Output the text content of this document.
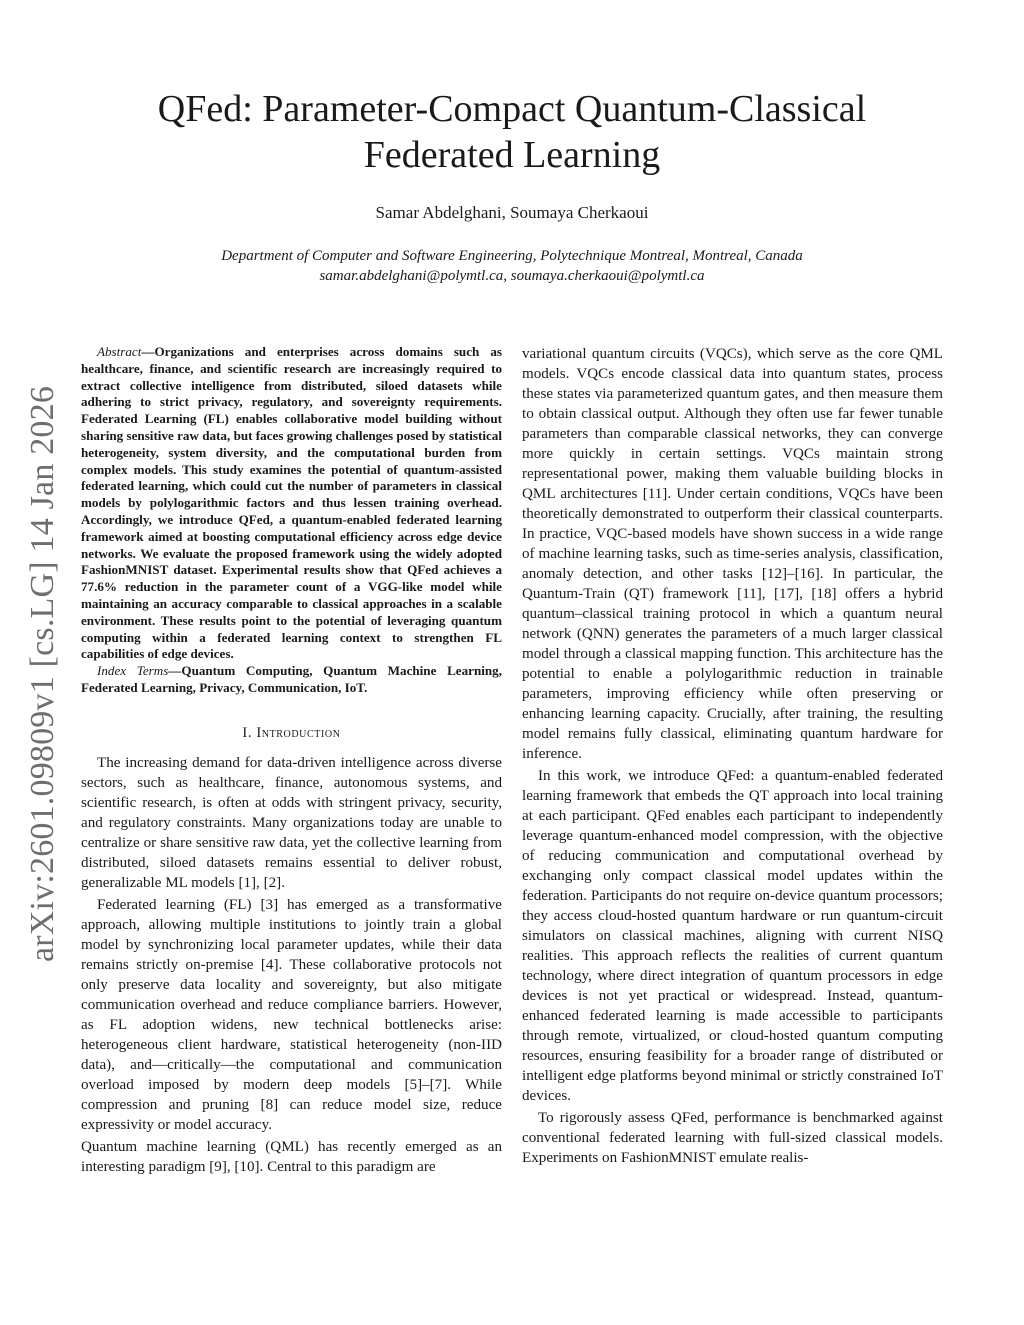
arXiv:2601.09809v1 [cs.LG] 14 Jan 2026
QFed: Parameter-Compact Quantum-Classical
Federated Learning
Samar Abdelghani, Soumaya Cherkaoui
Department of Computer and Software Engineering, Polytechnique Montreal, Montreal, Canada
samar.abdelghani@polymtl.ca, soumaya.cherkaoui@polymtl.ca

Abstract—Organizations and enterprises across domains such as healthcare, finance, and scientific research are increasingly required to extract collective intelligence from distributed, siloed datasets while adhering to strict privacy, regulatory, and sovereignty requirements. Federated Learning (FL) enables collaborative model building without sharing sensitive raw data, but faces growing challenges posed by statistical heterogeneity, system diversity, and the computational burden from complex models. This study examines the potential of quantum-assisted federated learning, which could cut the number of parameters in classical models by polylogarithmic factors and thus lessen training overhead. Accordingly, we introduce QFed, a quantum-enabled federated learning framework aimed at boosting computational efficiency across edge device networks. We evaluate the proposed framework using the widely adopted FashionMNIST dataset. Experimental results show that QFed achieves a 77.6% reduction in the parameter count of a VGG-like model while maintaining an accuracy comparable to classical approaches in a scalable environment. These results point to the potential of leveraging quantum computing within a federated learning context to strengthen FL capabilities of edge devices.

Index Terms—Quantum Computing, Quantum Machine Learning, Federated Learning, Privacy, Communication, IoT.

I. Introduction

The increasing demand for data-driven intelligence across diverse sectors, such as healthcare, finance, autonomous systems, and scientific research, is often at odds with stringent privacy, security, and regulatory constraints. Many organizations today are unable to centralize or share sensitive raw data, yet the collective learning from distributed, siloed datasets remains essential to deliver robust, generalizable ML models [1], [2].

Federated learning (FL) [3] has emerged as a transformative approach, allowing multiple institutions to jointly train a global model by synchronizing local parameter updates, while their data remains strictly on-premise [4]. These collaborative protocols not only preserve data locality and sovereignty, but also mitigate communication overhead and reduce compliance barriers. However, as FL adoption widens, new technical bottlenecks arise: heterogeneous client hardware, statistical heterogeneity (non-IID data), and—critically—the computational and communication overload imposed by modern deep models [5]–[7]. While compression and pruning [8] can reduce model size, reduce expressivity or model accuracy.

Quantum machine learning (QML) has recently emerged as an interesting paradigm [9], [10]. Central to this paradigm are

variational quantum circuits (VQCs), which serve as the core QML models. VQCs encode classical data into quantum states, process these states via parameterized quantum gates, and then measure them to obtain classical output. Although they often use far fewer tunable parameters than comparable classical networks, they can converge more quickly in certain settings. VQCs maintain strong representational power, making them valuable building blocks in QML architectures [11]. Under certain conditions, VQCs have been theoretically demonstrated to outperform their classical counterparts. In practice, VQC-based models have shown success in a wide range of machine learning tasks, such as time-series analysis, classification, anomaly detection, and other tasks [12]–[16]. In particular, the Quantum-Train (QT) framework [11], [17], [18] offers a hybrid quantum–classical training protocol in which a quantum neural network (QNN) generates the parameters of a much larger classical model through a classical mapping function. This architecture has the potential to enable a polylogarithmic reduction in trainable parameters, improving efficiency while often preserving or enhancing learning capacity. Crucially, after training, the resulting model remains fully classical, eliminating quantum hardware for inference.

In this work, we introduce QFed: a quantum-enabled federated learning framework that embeds the QT approach into local training at each participant. QFed enables each participant to independently leverage quantum-enhanced model compression, with the objective of reducing communication and computational overhead by exchanging only compact classical model updates within the federation. Participants do not require on-device quantum processors; they access cloud-hosted quantum hardware or run quantum-circuit simulators on classical machines, aligning with current NISQ realities. This approach reflects the realities of current quantum technology, where direct integration of quantum processors in edge devices is not yet practical or widespread. Instead, quantum-enhanced federated learning is made accessible to participants through remote, virtualized, or cloud-hosted quantum computing resources, ensuring feasibility for a broader range of distributed or intelligent edge platforms beyond minimal or strictly constrained IoT devices.

To rigorously assess QFed, performance is benchmarked against conventional federated learning with full-sized classical models. Experiments on FashionMNIST emulate realis-
